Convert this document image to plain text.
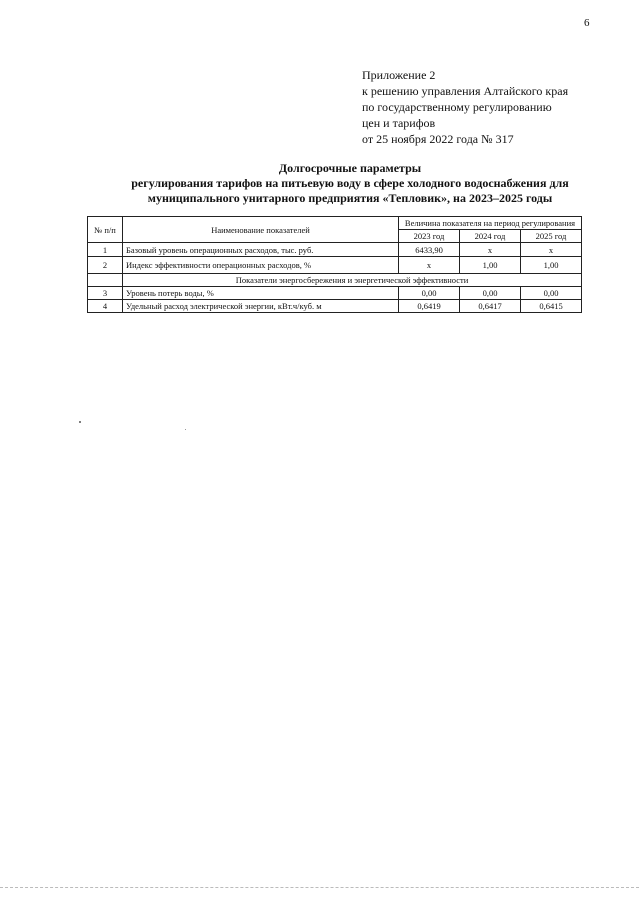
6
Приложение 2
к решению управления Алтайского края
по государственному регулированию
цен и тарифов
от 25 ноября 2022 года № 317
Долгосрочные параметры
регулирования тарифов на питьевую воду в сфере холодного водоснабжения для
муниципального унитарного предприятия «Тепловик», на 2023–2025 годы
№ п/п	Наименование показателей	Величина показателя на период регулирования		
		2023 год	2024 год	2025 год
1	Базовый уровень операционных расходов, тыс. руб.	6433,90	х	х
2	Индекс эффективности операционных расходов, %	х	1,00	1,00
	Показатели энергосбережения и энергетической эффективности			
3	Уровень потерь воды, %	0,00	0,00	0,00
4	Удельный расход электрической энергии, кВт.ч/куб. м	0,6419	0,6417	0,6415
